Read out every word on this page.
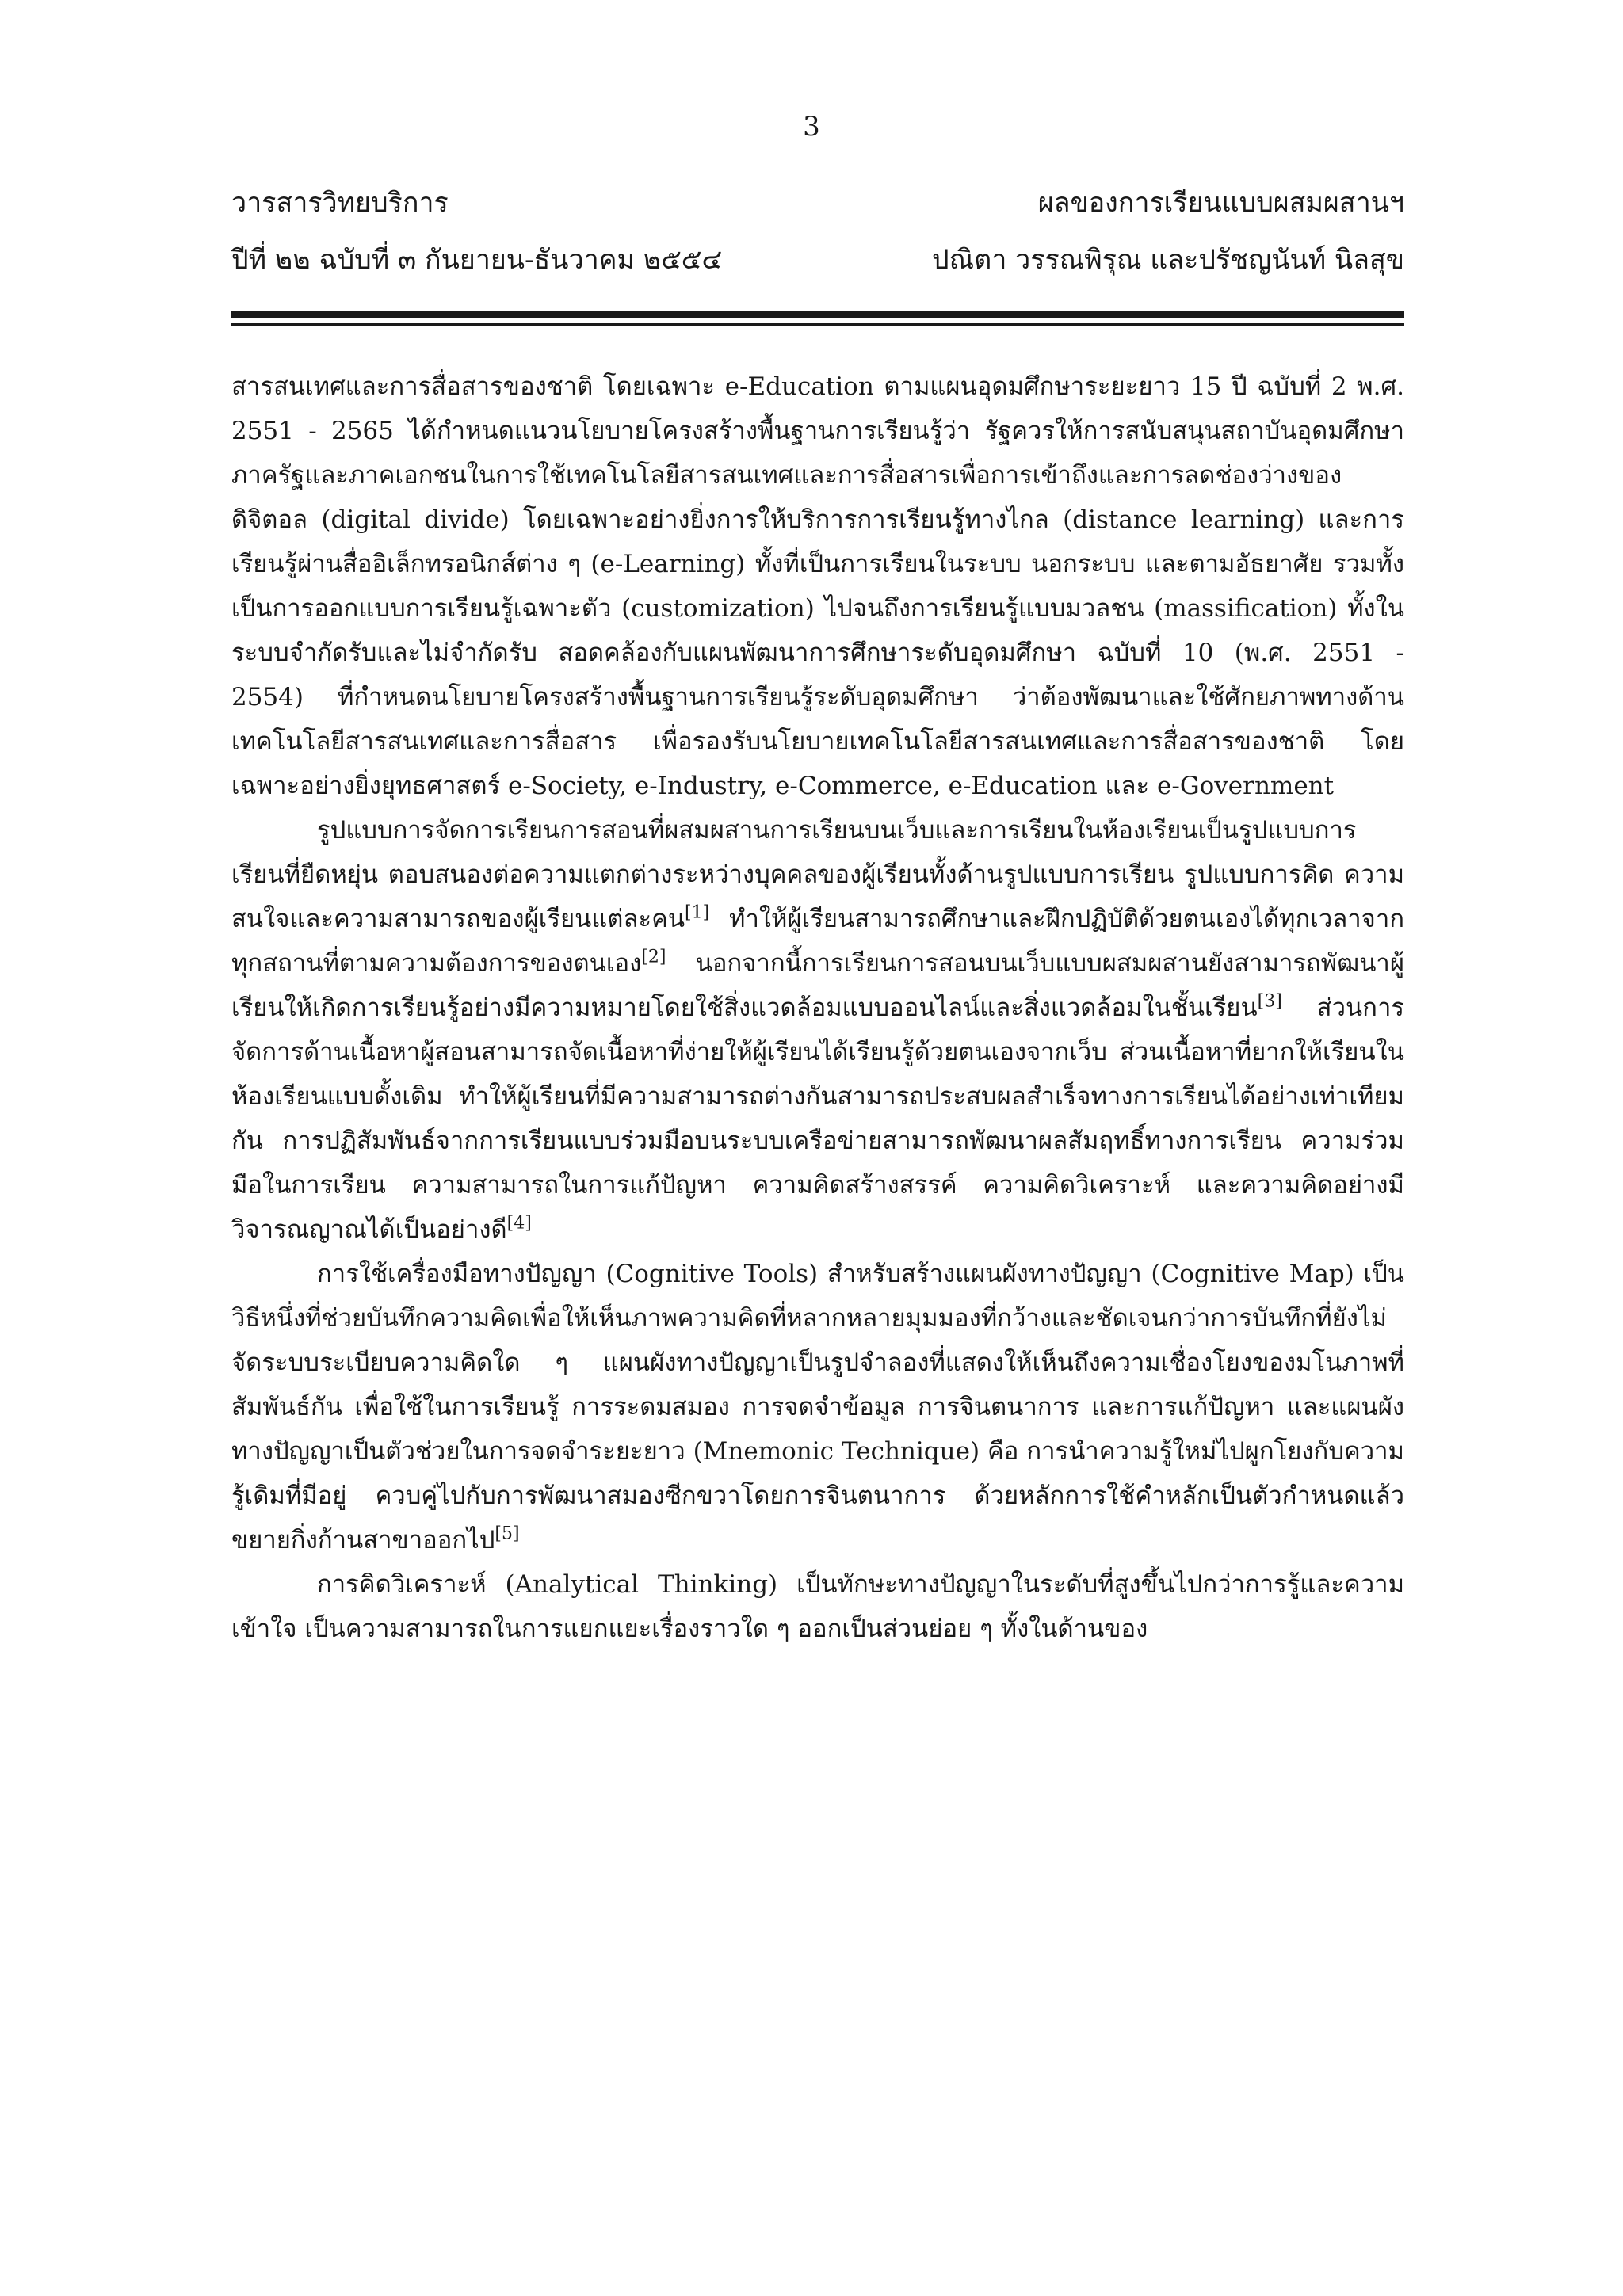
3
วารสารวิทยบริการ
ปีที่ ๒๒ ฉบับที่ ๓ กันยายน-ธันวาคม ๒๕๕๔
ผลของการเรียนแบบผสมผสานฯ
ปณิตา วรรณพิรุณ และปรัชญนันท์ นิลสุข

สารสนเทศและการสื่อสารของชาติ โดยเฉพาะ e-Education ตามแผนอุดมศึกษาระยะยาว 15 ปี ฉบับที่ 2 พ.ศ. 2551 - 2565 ได้กำหนดแนวนโยบายโครงสร้างพื้นฐานการเรียนรู้ว่า รัฐควรให้การสนับสนุนสถาบันอุดมศึกษาภาครัฐและภาคเอกชนในการใช้เทคโนโลยีสารสนเทศและการสื่อสารเพื่อการเข้าถึงและการลดช่องว่างของดิจิตอล (digital divide) โดยเฉพาะอย่างยิ่งการให้บริการการเรียนรู้ทางไกล (distance learning) และการเรียนรู้ผ่านสื่ออิเล็กทรอนิกส์ต่าง ๆ (e-Learning) ทั้งที่เป็นการเรียนในระบบ นอกระบบ และตามอัธยาศัย รวมทั้งเป็นการออกแบบการเรียนรู้เฉพาะตัว (customization) ไปจนถึงการเรียนรู้แบบมวลชน (massification) ทั้งในระบบจำกัดรับและไม่จำกัดรับ สอดคล้องกับแผนพัฒนาการศึกษาระดับอุดมศึกษา ฉบับที่ 10 (พ.ศ. 2551 - 2554) ที่กำหนดนโยบายโครงสร้างพื้นฐานการเรียนรู้ระดับอุดมศึกษา ว่าต้องพัฒนาและใช้ศักยภาพทางด้านเทคโนโลยีสารสนเทศและการสื่อสาร เพื่อรองรับนโยบายเทคโนโลยีสารสนเทศและการสื่อสารของชาติ โดยเฉพาะอย่างยิ่งยุทธศาสตร์ e-Society, e-Industry, e-Commerce, e-Education และ e-Government

รูปแบบการจัดการเรียนการสอนที่ผสมผสานการเรียนบนเว็บและการเรียนในห้องเรียนเป็นรูปแบบการเรียนที่ยืดหยุ่น ตอบสนองต่อความแตกต่างระหว่างบุคคลของผู้เรียนทั้งด้านรูปแบบการเรียน รูปแบบการคิด ความสนใจและความสามารถของผู้เรียนแต่ละคน[1] ทำให้ผู้เรียนสามารถศึกษาและฝึกปฏิบัติด้วยตนเองได้ทุกเวลาจากทุกสถานที่ตามความต้องการของตนเอง[2] นอกจากนี้การเรียนการสอนบนเว็บแบบผสมผสานยังสามารถพัฒนาผู้เรียนให้เกิดการเรียนรู้อย่างมีความหมายโดยใช้สิ่งแวดล้อมแบบออนไลน์และสิ่งแวดล้อมในชั้นเรียน[3] ส่วนการจัดการด้านเนื้อหาผู้สอนสามารถจัดเนื้อหาที่ง่ายให้ผู้เรียนได้เรียนรู้ด้วยตนเองจากเว็บ ส่วนเนื้อหาที่ยากให้เรียนในห้องเรียนแบบดั้งเดิม ทำให้ผู้เรียนที่มีความสามารถต่างกันสามารถประสบผลสำเร็จทางการเรียนได้อย่างเท่าเทียมกัน การปฏิสัมพันธ์จากการเรียนแบบร่วมมือบนระบบเครือข่ายสามารถพัฒนาผลสัมฤทธิ์ทางการเรียน ความร่วมมือในการเรียน ความสามารถในการแก้ปัญหา ความคิดสร้างสรรค์ ความคิดวิเคราะห์ และความคิดอย่างมีวิจารณญาณได้เป็นอย่างดี[4]

การใช้เครื่องมือทางปัญญา (Cognitive Tools) สำหรับสร้างแผนผังทางปัญญา (Cognitive Map) เป็นวิธีหนึ่งที่ช่วยบันทึกความคิดเพื่อให้เห็นภาพความคิดที่หลากหลายมุมมองที่กว้างและชัดเจนกว่าการบันทึกที่ยังไม่จัดระบบระเบียบความคิดใด ๆ แผนผังทางปัญญาเป็นรูปจำลองที่แสดงให้เห็นถึงความเชื่องโยงของมโนภาพที่สัมพันธ์กัน เพื่อใช้ในการเรียนรู้ การระดมสมอง การจดจำข้อมูล การจินตนาการ และการแก้ปัญหา และแผนผังทางปัญญาเป็นตัวช่วยในการจดจำระยะยาว (Mnemonic Technique) คือ การนำความรู้ใหม่ไปผูกโยงกับความรู้เดิมที่มีอยู่ ควบคู่ไปกับการพัฒนาสมองซีกขวาโดยการจินตนาการ ด้วยหลักการใช้คำหลักเป็นตัวกำหนดแล้วขยายกิ่งก้านสาขาออกไป[5]

การคิดวิเคราะห์ (Analytical Thinking) เป็นทักษะทางปัญญาในระดับที่สูงขึ้นไปกว่าการรู้และความเข้าใจ เป็นความสามารถในการแยกแยะเรื่องราวใด ๆ ออกเป็นส่วนย่อย ๆ ทั้งในด้านของ
